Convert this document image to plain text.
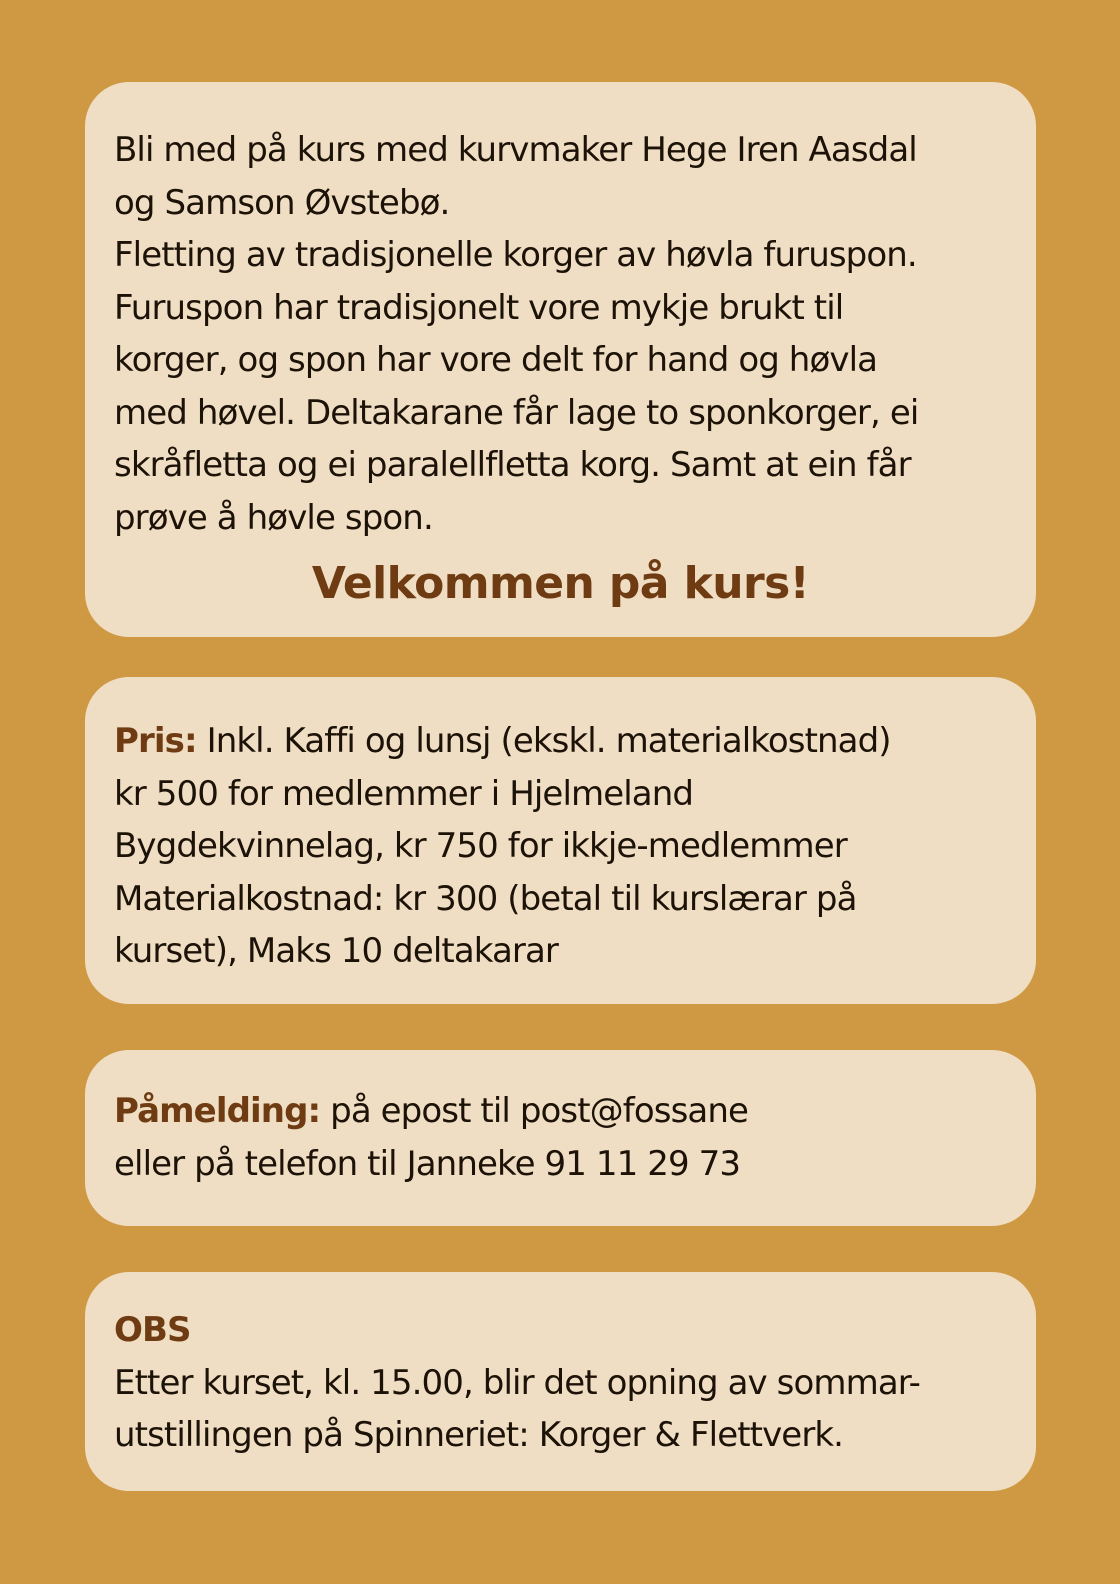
Bli med på kurs med kurvmaker Hege Iren Aasdal
og Samson Øvstebø.
Fletting av tradisjonelle korger av høvla furuspon.
Furuspon har tradisjonelt vore mykje brukt til
korger, og spon har vore delt for hand og høvla
med høvel. Deltakarane får lage to sponkorger, ei
skråfletta og ei paralellfletta korg. Samt at ein får
prøve å høvle spon.

Velkommen på kurs!

Pris: Inkl. Kaffi og lunsj (ekskl. materialkostnad)
kr 500 for medlemmer i Hjelmeland
Bygdekvinnelag, kr 750 for ikkje-medlemmer
Materialkostnad: kr 300 (betal til kurslærar på
kurset), Maks 10 deltakarar

Påmelding: på epost til post@fossane
eller på telefon til Janneke 91 11 29 73

OBS
Etter kurset, kl. 15.00, blir det opning av sommar-
utstillingen på Spinneriet: Korger & Flettverk.
